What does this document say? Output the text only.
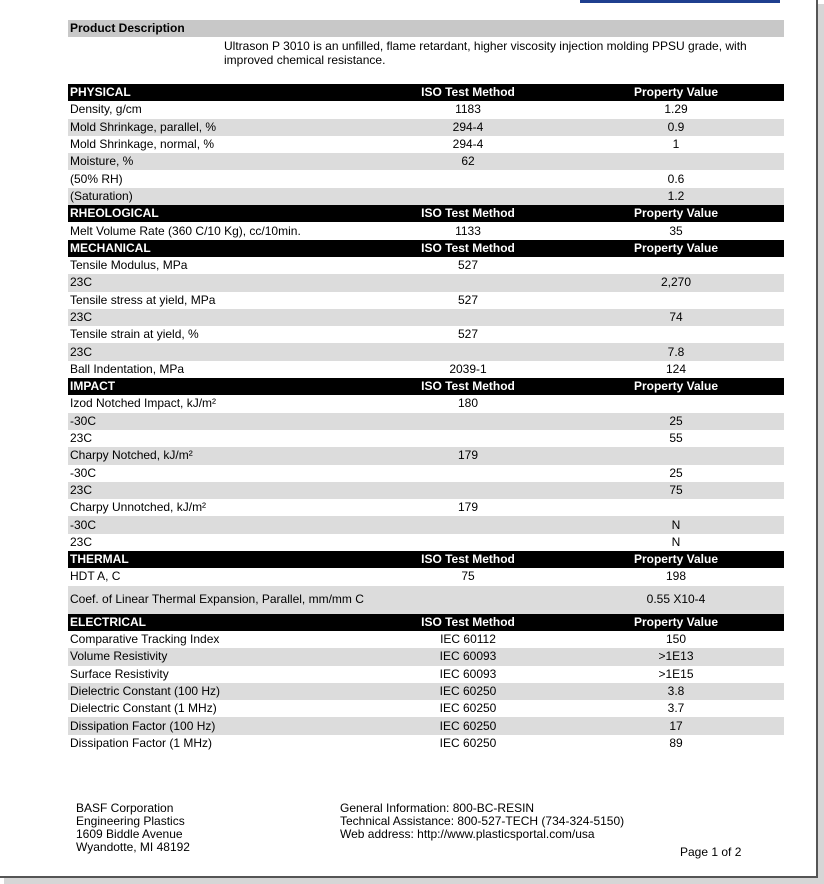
Product Description
Ultrason P 3010 is an unfilled, flame retardant, higher viscosity injection molding PPSU grade, with improved chemical resistance.
PHYSICAL	ISO Test Method	Property Value
Density, g/cm	1183	1.29
Mold Shrinkage, parallel, %	294-4	0.9
Mold Shrinkage, normal, %	294-4	1
Moisture, %	62	
(50% RH)		0.6
(Saturation)		1.2
RHEOLOGICAL	ISO Test Method	Property Value
Melt Volume Rate (360 C/10 Kg), cc/10min.	1133	35
MECHANICAL	ISO Test Method	Property Value
Tensile Modulus, MPa	527	
23C		2,270
Tensile stress at yield, MPa	527	
23C		74
Tensile strain at yield, %	527	
23C		7.8
Ball Indentation, MPa	2039-1	124
IMPACT	ISO Test Method	Property Value
Izod Notched Impact, kJ/m²	180	
-30C		25
23C		55
Charpy Notched, kJ/m²	179	
-30C		25
23C		75
Charpy Unnotched, kJ/m²	179	
-30C		N
23C		N
THERMAL	ISO Test Method	Property Value
HDT A, C	75	198
Coef. of Linear Thermal Expansion, Parallel, mm/mm C		0.55 X10-4
ELECTRICAL	ISO Test Method	Property Value
Comparative Tracking Index	IEC 60112	150
Volume Resistivity	IEC 60093	>1E13
Surface Resistivity	IEC 60093	>1E15
Dielectric Constant (100 Hz)	IEC 60250	3.8
Dielectric Constant (1 MHz)	IEC 60250	3.7
Dissipation Factor (100 Hz)	IEC 60250	17
Dissipation Factor (1 MHz)	IEC 60250	89
BASF Corporation
Engineering Plastics
1609 Biddle Avenue
Wyandotte, MI 48192
General Information: 800-BC-RESIN
Technical Assistance: 800-527-TECH (734-324-5150)
Web address: http://www.plasticsportal.com/usa
Page 1 of 2
